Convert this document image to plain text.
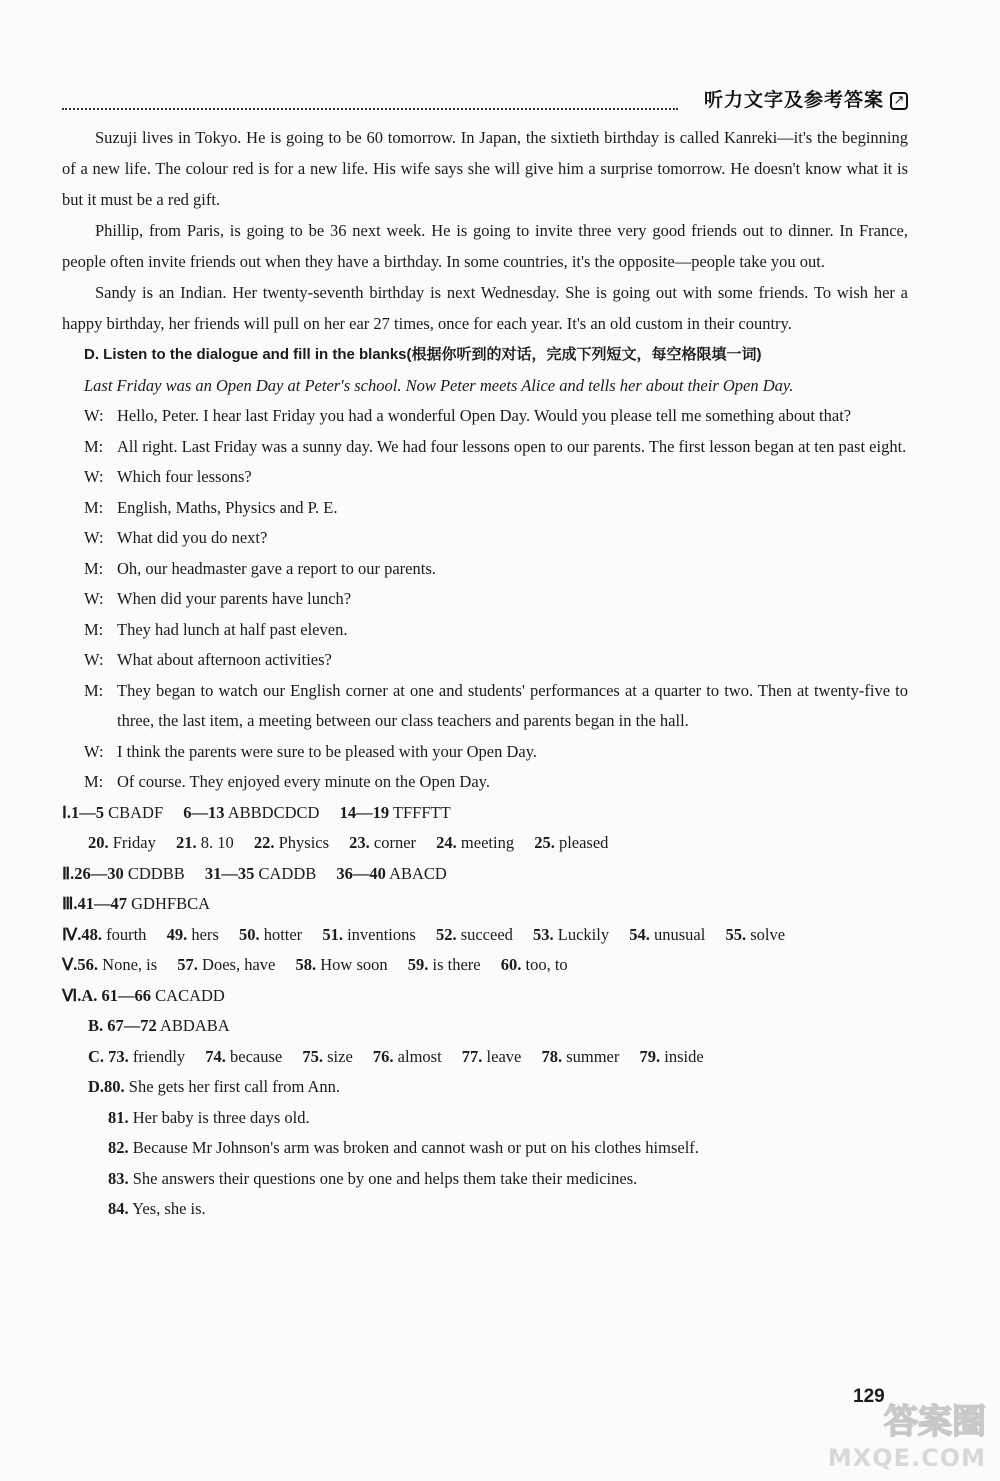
听力文字及参考答案 ↗

Suzuji lives in Tokyo. He is going to be 60 tomorrow. In Japan, the sixtieth birthday is called Kanreki—it's the beginning of a new life. The colour red is for a new life. His wife says she will give him a surprise tomorrow. He doesn't know what it is but it must be a red gift.

Phillip, from Paris, is going to be 36 next week. He is going to invite three very good friends out to dinner. In France, people often invite friends out when they have a birthday. In some countries, it's the opposite—people take you out.

Sandy is an Indian. Her twenty-seventh birthday is next Wednesday. She is going out with some friends. To wish her a happy birthday, her friends will pull on her ear 27 times, once for each year. It's an old custom in their country.

D. Listen to the dialogue and fill in the blanks(根据你听到的对话，完成下列短文，每空格限填一词)
Last Friday was an Open Day at Peter's school. Now Peter meets Alice and tells her about their Open Day.
W: Hello, Peter. I hear last Friday you had a wonderful Open Day. Would you please tell me something about that?
M: All right. Last Friday was a sunny day. We had four lessons open to our parents. The first lesson began at ten past eight.
W: Which four lessons?
M: English, Maths, Physics and P. E.
W: What did you do next?
M: Oh, our headmaster gave a report to our parents.
W: When did your parents have lunch?
M: They had lunch at half past eleven.
W: What about afternoon activities?
M: They began to watch our English corner at one and students' performances at a quarter to two. Then at twenty-five to three, the last item, a meeting between our class teachers and parents began in the hall.
W: I think the parents were sure to be pleased with your Open Day.
M: Of course. They enjoyed every minute on the Open Day.
Ⅰ.1—5 CBADF 6—13 ABBDCDCD 14—19 TFFFTT
20. Friday 21. 8. 10 22. Physics 23. corner 24. meeting 25. pleased
Ⅱ.26—30 CDDBB 31—35 CADDB 36—40 ABACD
Ⅲ.41—47 GDHFBCA
Ⅳ.48. fourth 49. hers 50. hotter 51. inventions 52. succeed 53. Luckily 54. unusual 55. solve
Ⅴ.56. None, is 57. Does, have 58. How soon 59. is there 60. too, to
Ⅵ.A. 61—66 CACADD
B. 67—72 ABDABA
C. 73. friendly 74. because 75. size 76. almost 77. leave 78. summer 79. inside
D.80. She gets her first call from Ann.
81. Her baby is three days old.
82. Because Mr Johnson's arm was broken and cannot wash or put on his clothes himself.
83. She answers their questions one by one and helps them take their medicines.
84. Yes, she is.
129
答案圈
MXQE.COM
